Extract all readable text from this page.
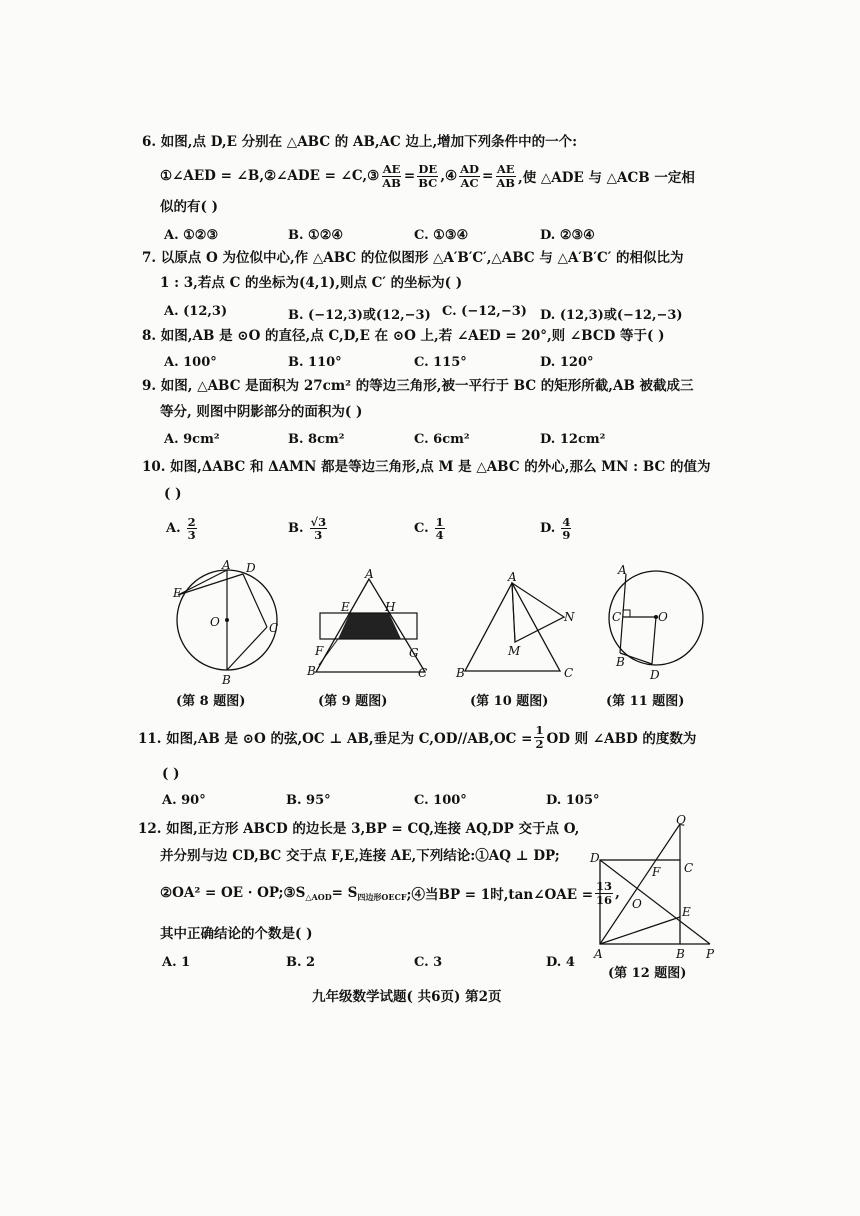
6. 如图,点 D,E 分别在 △ABC 的 AB,AC 边上,增加下列条件中的一个:
①∠AED = ∠B,②∠ADE = ∠C,③ $\frac{AE}{AB} = \frac{DE}{BC}$ ,④ $\frac{AD}{AC} = \frac{AE}{AB}$ ,使 △ADE 与 △ACB 一定相
似的有( )
A. ①②③	B. ①②④	C. ①③④	D. ②③④
7. 以原点 O 为位似中心,作 △ABC 的位似图形 △A′B′C′,△ABC 与 △A′B′C′ 的相似比为
1 : 3,若点 C 的坐标为(4,1),则点 C′ 的坐标为( )
A. (12,3)	B. (−12,3)或(12,−3) C. (−12,−3) D. (12,3)或(−12,−3)
8. 如图,AB 是 ⊙O 的直径,点 C,D,E 在 ⊙O 上,若 ∠AED = 20°,则 ∠BCD 等于( )
A. 100°	B. 110°	C. 115°	D. 120°
9. 如图, △ABC 是面积为 27cm² 的等边三角形,被一平行于 BC 的矩形所截,AB 被截成三
等分, 则图中阴影部分的面积为( )
A. 9cm²	B. 8cm²	C. 6cm²	D. 12cm²
10. 如图,ΔABC 和 ΔAMN 都是等边三角形,点 M 是 △ABC 的外心,那么 MN : BC 的值为
( )
A. $\frac{2}{3}$	B. $\frac{√3}{3}$	C. $\frac{1}{4}$	D. $\frac{4}{9}$
A D
E
O	C
B
A
E	H
F	G
B	C
A
N
M
B	C
A
C	O
B
D
(第 8 题图)	(第 9 题图)	(第 10 题图)	(第 11 题图)
11. 如图,AB 是 ⊙O 的弦,OC ⊥ AB,垂足为 $C,OD//AB,OC = \frac{1}{2}$ OD 则 ∠ABD 的度数为
( )
A. 90°	B. 95°	C. 100°	D. 105°
12. 如图,正方形 ABCD 的边长是 3,BP = CQ,连接 AQ,DP 交于点 O,
并分别与边 CD,BC 交于点 F,E,连接 AE,下列结论:①AQ ⊥ DP;
②OA² = OE · OP;③S △AOD = S 四边形OECF ;④当BP = 1时,tan∠OAE = $\frac{13}{16}$ ,
其中正确结论的个数是( )
A. 1	B. 2	C. 3	D. 4
Q
D
C
F
O
E
A	B P
(第 12 题图)
九年级数学试题( 共6页) 第2页
